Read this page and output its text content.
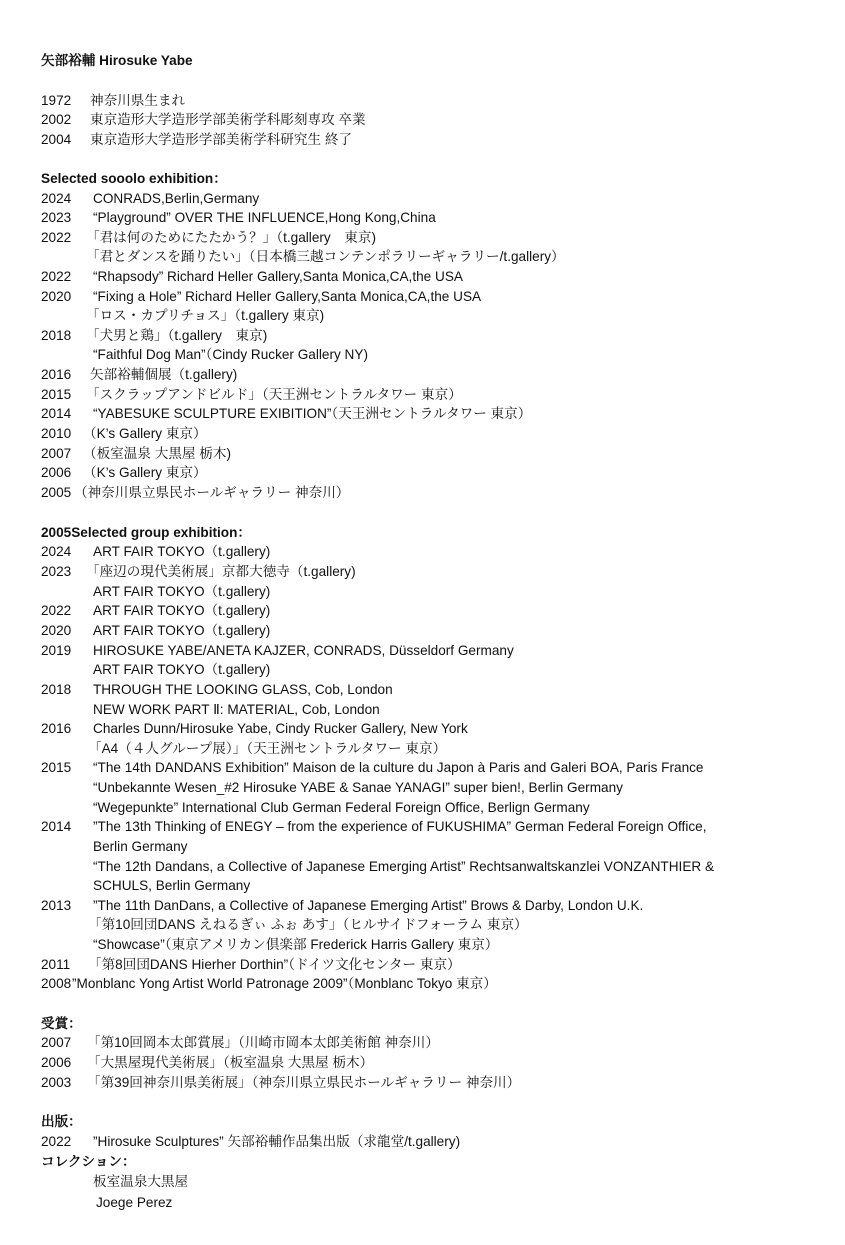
矢部裕輔 Hirosuke Yabe
1972 神奈川県生まれ
2002 東京造形大学造形学部美術学科彫刻専攻 卒業
2004 東京造形大学造形学部美術学科研究生 終了
Selected sooolo exhibition：
2024 CONRADS,Berlin,Germany
2023 “Playground” OVER THE INFLUENCE,Hong Kong,China
2022 「君は何のためにたたかう？」（t.gallery　東京)
「君とダンスを踊りたい」（日本橋三越コンテンポラリーギャラリー/t.gallery）
2022 “Rhapsody” Richard Heller Gallery,Santa Monica,CA,the USA
2020 “Fixing a Hole” Richard Heller Gallery,Santa Monica,CA,the USA
「ロス・カプリチョス」（t.gallery 東京)
2018 「犬男と鶏」（t.gallery　東京)
“Faithful Dog Man”（Cindy Rucker Gallery NY)
2016 矢部裕輔個展（t.gallery)
2015 「スクラップアンドビルド」（天王洲セントラルタワー 東京）
2014 “YABESUKE SCULPTURE EXIBITION”（天王洲セントラルタワー 東京）
2010 （K’s Gallery 東京）
2007 （板室温泉 大黒屋 栃木)
2006 （K’s Gallery 東京）
2005 （神奈川県立県民ホールギャラリー 神奈川）
2005Selected group exhibition：
2024 ART FAIR TOKYO（t.gallery)
2023 「座辺の現代美術展」京都大徳寺（t.gallery)
ART FAIR TOKYO（t.gallery)
2022 ART FAIR TOKYO（t.gallery)
2020 ART FAIR TOKYO（t.gallery)
2019 HIROSUKE YABE/ANETA KAJZER, CONRADS, Düsseldorf Germany
ART FAIR TOKYO（t.gallery)
2018 THROUGH THE LOOKING GLASS, Cob, London
NEW WORK PART Ⅱ: MATERIAL, Cob, London
2016 Charles Dunn/Hirosuke Yabe, Cindy Rucker Gallery, New York
「A4（４人グループ展）」（天王洲セントラルタワー 東京）
2015 “The 14th DANDANS Exhibition” Maison de la culture du Japon à Paris and Galeri BOA, Paris France
“Unbekannte Wesen_#2 Hirosuke YABE & Sanae YANAGI” super bien!, Berlin Germany
“Wegepunkte” International Club German Federal Foreign Office, Berlign Germany
2014 ”The 13th Thinking of ENEGY – from the experience of FUKUSHIMA” German Federal Foreign Office,
Berlin Germany
“The 12th Dandans, a Collective of Japanese Emerging Artist” Rechtsanwaltskanzlei VONZANTHIER &
SCHULS, Berlin Germany
2013 ”The 11th DanDans, a Collective of Japanese Emerging Artist” Brows & Darby, London U.K.
「第10回団DANS えねるぎぃ ふぉ あす」（ヒルサイドフォーラム 東京）
“Showcase”（東京アメリカン倶楽部 Frederick Harris Gallery 東京）
2011 「第8回団DANS Hierher Dorthin”（ドイツ文化センター 東京）
2008 ”Monblanc Yong Artist World Patronage 2009”（Monblanc Tokyo 東京）
受賞：
2007 「第10回岡本太郎賞展」（川崎市岡本太郎美術館 神奈川）
2006 「大黒屋現代美術展」（板室温泉 大黒屋 栃木）
2003 「第39回神奈川県美術展」（神奈川県立県民ホールギャラリー 神奈川）
出版：
2022 ”Hirosuke Sculptures” 矢部裕輔作品集出版（求龍堂/t.gallery)
コレクション：
板室温泉大黒屋
Joege Perez
